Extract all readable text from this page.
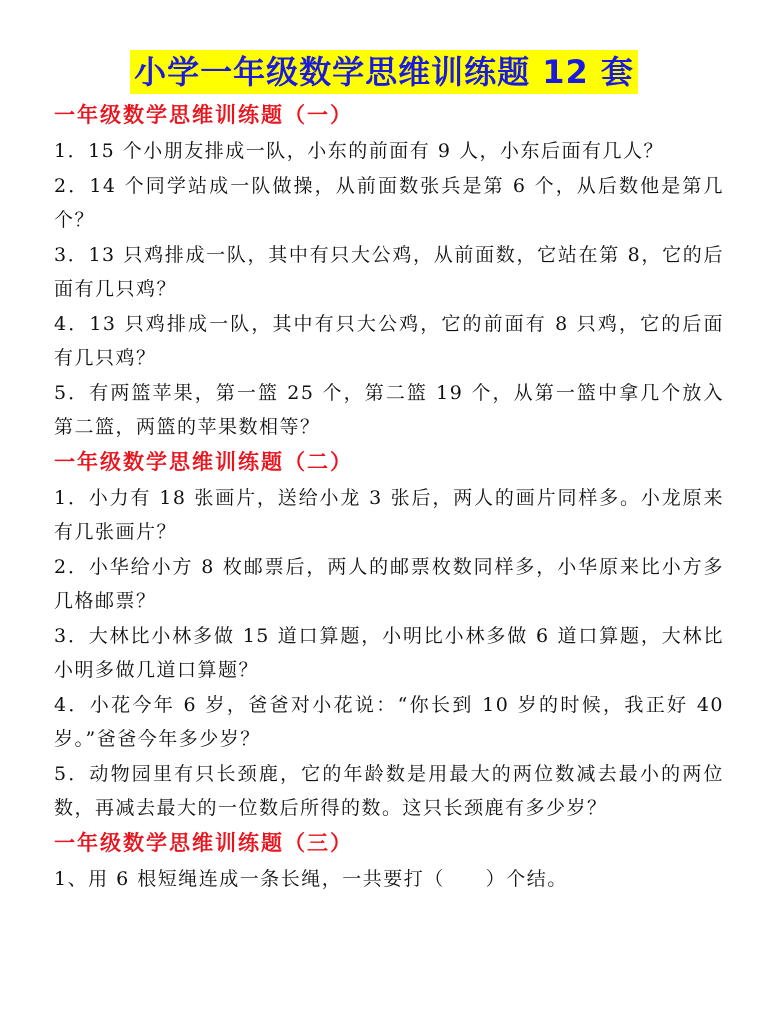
小学一年级数学思维训练题 12 套
一年级数学思维训练题（一）

1．15 个小朋友排成一队，小东的前面有 9 人，小东后面有几人？

2．14 个同学站成一队做操，从前面数张兵是第 6 个，从后数他是第几个？

3．13 只鸡排成一队，其中有只大公鸡，从前面数，它站在第 8，它的后面有几只鸡？

4．13 只鸡排成一队，其中有只大公鸡，它的前面有 8 只鸡，它的后面有几只鸡？

5．有两篮苹果，第一篮 25 个，第二篮 19 个，从第一篮中拿几个放入第二篮，两篮的苹果数相等？

一年级数学思维训练题（二）

1．小力有 18 张画片，送给小龙 3 张后，两人的画片同样多。小龙原来有几张画片？

2．小华给小方 8 枚邮票后，两人的邮票枚数同样多，小华原来比小方多几格邮票？

3．大林比小林多做 15 道口算题，小明比小林多做 6 道口算题，大林比小明多做几道口算题？

4．小花今年 6 岁，爸爸对小花说：“你长到 10 岁的时候，我正好 40 岁。”爸爸今年多少岁？

5．动物园里有只长颈鹿，它的年龄数是用最大的两位数减去最小的两位数，再减去最大的一位数后所得的数。这只长颈鹿有多少岁？

一年级数学思维训练题（三）

1、用 6 根短绳连成一条长绳，一共要打（　　）个结。
